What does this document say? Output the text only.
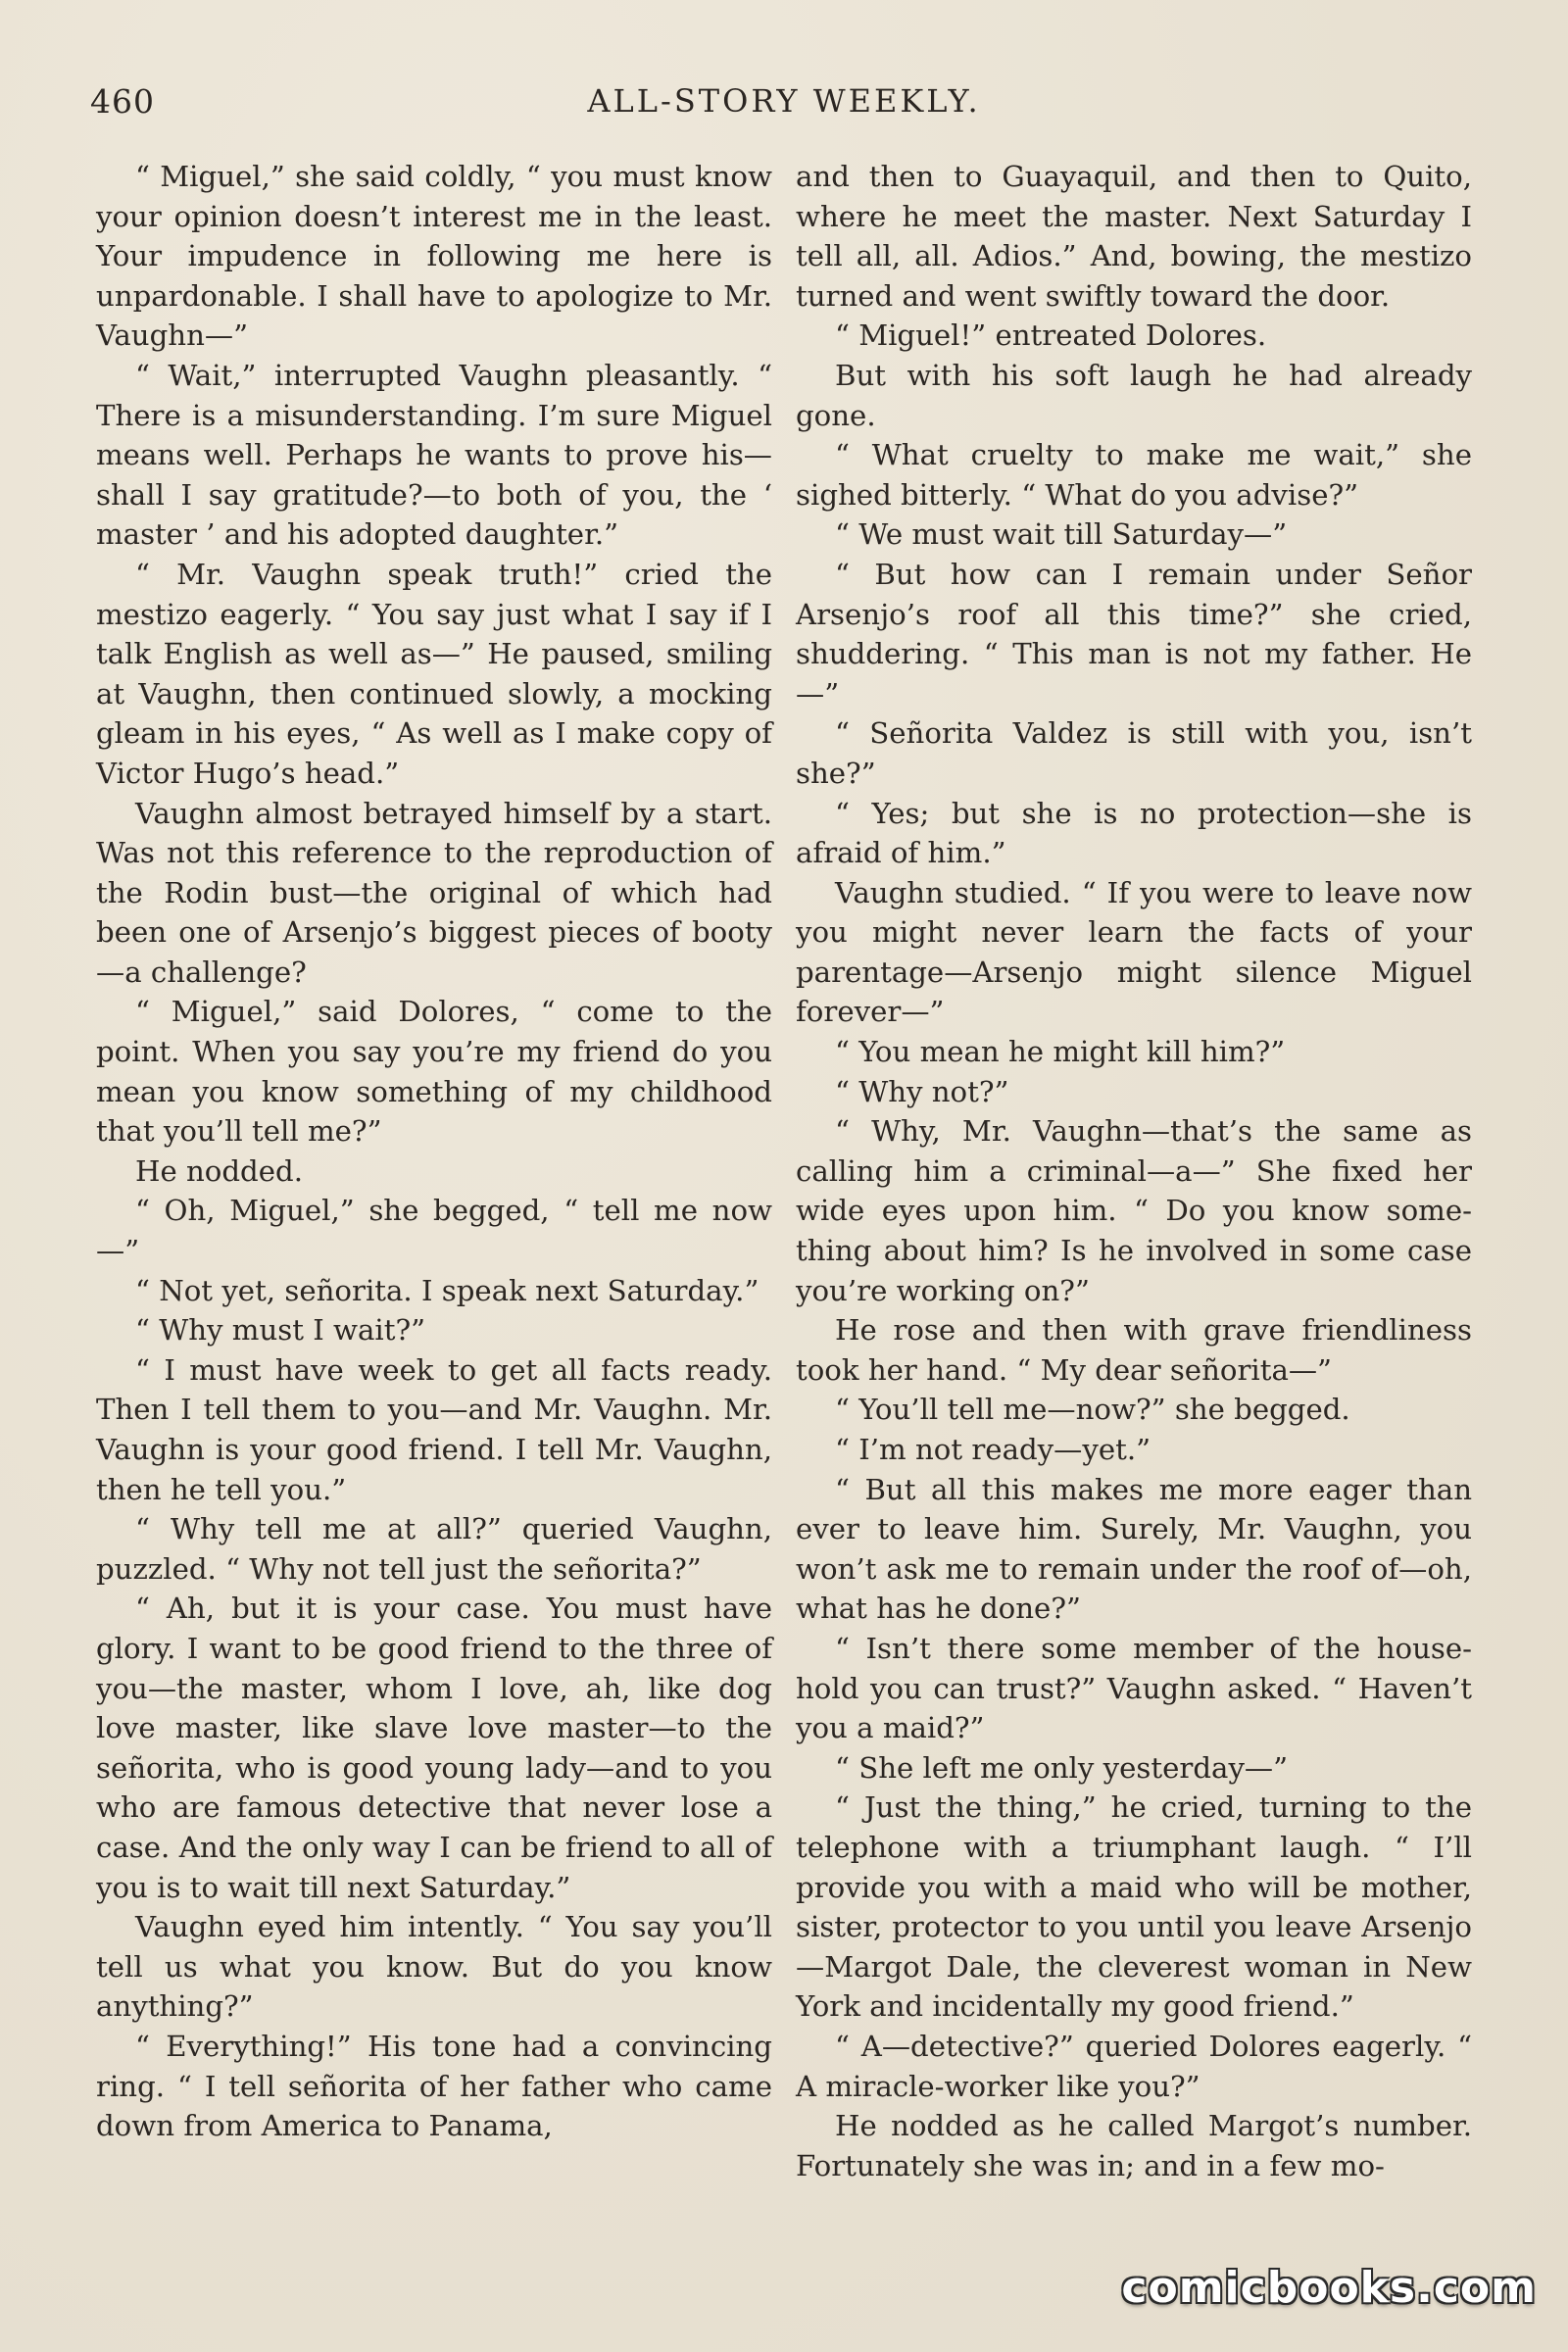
460	ALL-STORY WEEKLY.

“ Miguel,” she said coldly, “ you must know your opinion doesn’t interest me in the least. Your impudence in following me here is unpardonable. I shall have to apologize to Mr. Vaughn—”

“ Wait,” interrupted Vaughn pleasantly. “ There is a misunderstanding. I’m sure Miguel means well. Perhaps he wants to prove his—shall I say gratitude?—to both of you, the ‘ master ’ and his adopted daughter.”

“ Mr. Vaughn speak truth!” cried the mestizo eagerly. “ You say just what I say if I talk English as well as—” He paused, smiling at Vaughn, then continued slowly, a mocking gleam in his eyes, “ As well as I make copy of Victor Hugo’s head.”

Vaughn almost betrayed himself by a start. Was not this reference to the reproduction of the Rodin bust—the original of which had been one of Arsenjo’s biggest pieces of booty—a challenge?

“ Miguel,” said Dolores, “ come to the point. When you say you’re my friend do you mean you know something of my childhood that you’ll tell me?”

He nodded.

“ Oh, Miguel,” she begged, “ tell me now—”

“ Not yet, señorita. I speak next Saturday.”

“ Why must I wait?”

“ I must have week to get all facts ready. Then I tell them to you—and Mr. Vaughn. Mr. Vaughn is your good friend. I tell Mr. Vaughn, then he tell you.”

“ Why tell me at all?” queried Vaughn, puzzled. “ Why not tell just the señorita?”

“ Ah, but it is your case. You must have glory. I want to be good friend to the three of you—the master, whom I love, ah, like dog love master, like slave love master—to the señorita, who is good young lady—and to you who are famous detective that never lose a case. And the only way I can be friend to all of you is to wait till next Saturday.”

Vaughn eyed him intently. “ You say you’ll tell us what you know. But do you know anything?”

“ Everything!” His tone had a convincing ring. “ I tell señorita of her father who came down from America to Panama,

and then to Guayaquil, and then to Quito, where he meet the master. Next Saturday I tell all, all. Adios.” And, bowing, the mestizo turned and went swiftly toward the door.

“ Miguel!” entreated Dolores.

But with his soft laugh he had already gone.

“ What cruelty to make me wait,” she sighed bitterly. “ What do you advise?”

“ We must wait till Saturday—”

“ But how can I remain under Señor Arsenjo’s roof all this time?” she cried, shuddering. “ This man is not my father. He—”

“ Señorita Valdez is still with you, isn’t she?”

“ Yes; but she is no protection—she is afraid of him.”

Vaughn studied. “ If you were to leave now you might never learn the facts of your parentage—Arsenjo might silence Miguel forever—”

“ You mean he might kill him?”

“ Why not?”

“ Why, Mr. Vaughn—that’s the same as calling him a criminal—a—” She fixed her wide eyes upon him. “ Do you know something about him? Is he involved in some case you’re working on?”

He rose and then with grave friendliness took her hand. “ My dear señorita—”

“ You’ll tell me—now?” she begged.

“ I’m not ready—yet.”

“ But all this makes me more eager than ever to leave him. Surely, Mr. Vaughn, you won’t ask me to remain under the roof of—oh, what has he done?”

“ Isn’t there some member of the household you can trust?” Vaughn asked. “ Haven’t you a maid?”

“ She left me only yesterday—”

“ Just the thing,” he cried, turning to the telephone with a triumphant laugh. “ I’ll provide you with a maid who will be mother, sister, protector to you until you leave Arsenjo—Margot Dale, the cleverest woman in New York and incidentally my good friend.”

“ A—detective?” queried Dolores eagerly. “ A miracle-worker like you?”

He nodded as he called Margot’s number. Fortunately she was in; and in a few mo-

comicbooks.com
